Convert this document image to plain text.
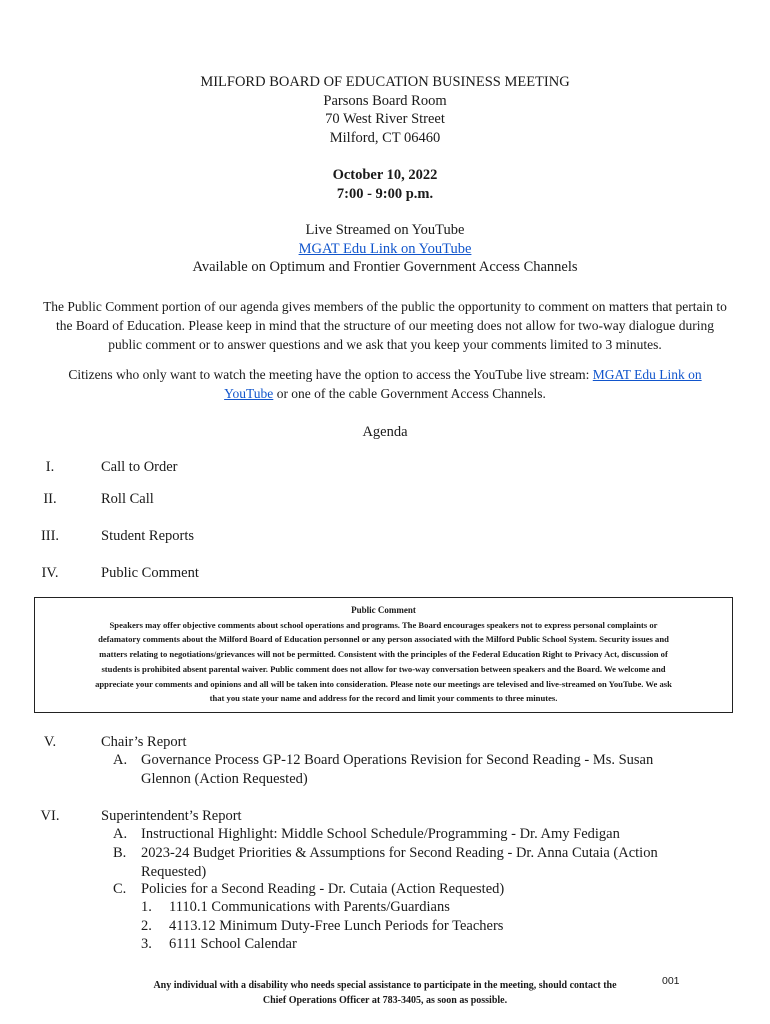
MILFORD BOARD OF EDUCATION BUSINESS MEETING
Parsons Board Room
70 West River Street
Milford, CT 06460
October 10, 2022
7:00 - 9:00 p.m.
Live Streamed on YouTube
MGAT Edu Link on YouTube
Available on Optimum and Frontier Government Access Channels
The Public Comment portion of our agenda gives members of the public the opportunity to comment on matters that pertain to
the Board of Education. Please keep in mind that the structure of our meeting does not allow for two-way dialogue during
public comment or to answer questions and we ask that you keep your comments limited to 3 minutes.
Citizens who only want to watch the meeting have the option to access the YouTube live stream: MGAT Edu Link on
YouTube or one of the cable Government Access Channels.
Agenda
I.	Call to Order
II.	Roll Call
III.	Student Reports
IV.	Public Comment
Public Comment
Speakers may offer objective comments about school operations and programs. The Board encourages speakers not to express personal complaints or
defamatory comments about the Milford Board of Education personnel or any person associated with the Milford Public School System. Security issues and
matters relating to negotiations/grievances will not be permitted. Consistent with the principles of the Federal Education Right to Privacy Act, discussion of
students is prohibited absent parental waiver. Public comment does not allow for two-way conversation between speakers and the Board. We welcome and
appreciate your comments and opinions and all will be taken into consideration. Please note our meetings are televised and live-streamed on YouTube. We ask
that you state your name and address for the record and limit your comments to three minutes.
V.	Chair’s Report
A. Governance Process GP-12 Board Operations Revision for Second Reading - Ms. Susan
Glennon (Action Requested)
VI.	Superintendent’s Report
A. Instructional Highlight: Middle School Schedule/Programming - Dr. Amy Fedigan
B. 2023-24 Budget Priorities & Assumptions for Second Reading - Dr. Anna Cutaia (Action
Requested)
C. Policies for a Second Reading - Dr. Cutaia (Action Requested)
1. 1110.1 Communications with Parents/Guardians
2. 4113.12 Minimum Duty-Free Lunch Periods for Teachers
3. 6111 School Calendar
Any individual with a disability who needs special assistance to participate in the meeting, should contact the
Chief Operations Officer at 783-3405, as soon as possible.
001
